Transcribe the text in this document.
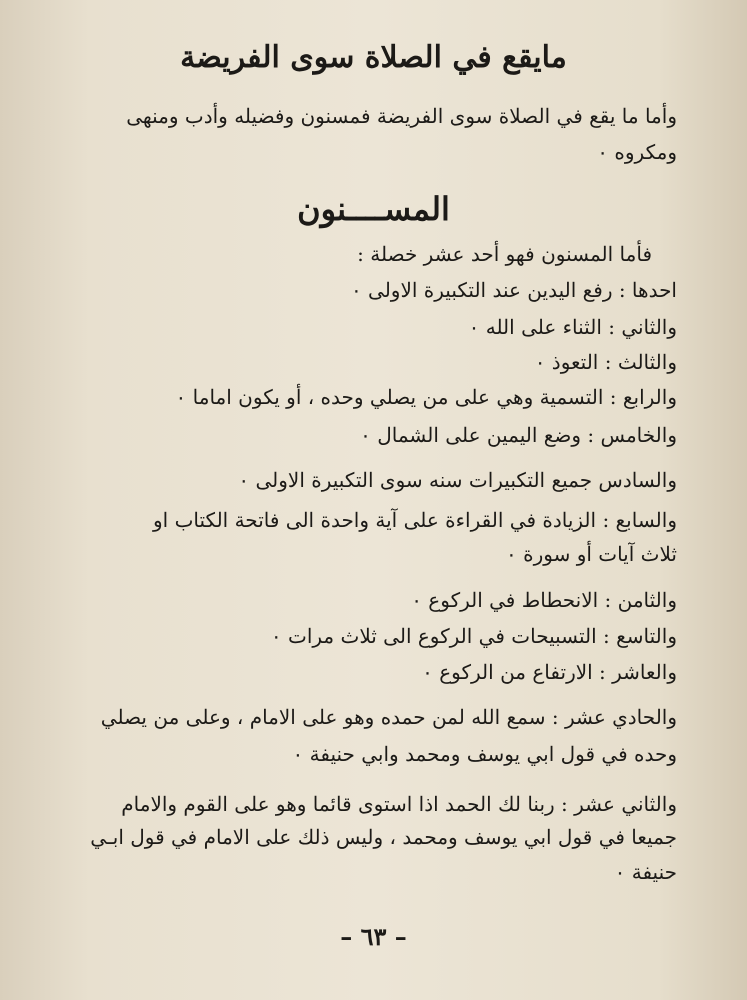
مايقع في الصلاة سوى الفريضة
وأما ما يقع في الصلاة سوى الفريضة فمسنون وفضيله وأدب ومنهى
ومكروه ٠
المســــنون
فأما المسنون فهو أحد عشر خصلة :
احدها : رفع اليدين عند التكبيرة الاولى ٠
والثاني : الثناء على الله ٠
والثالث : التعوذ ٠
والرابع : التسمية وهي على من يصلي وحده ، أو يكون اماما ٠
والخامس : وضع اليمين على الشمال ٠
والسادس جميع التكبيرات سنه سوى التكبيرة الاولى ٠
والسابع : الزيادة في القراءة على آية واحدة الى فاتحة الكتاب او
ثلاث آيات أو سورة ٠
والثامن : الانحطاط في الركوع ٠
والتاسع : التسبيحات في الركوع الى ثلاث مرات ٠
والعاشر : الارتفاع من الركوع ٠
والحادي عشر : سمع الله لمن حمده وهو على الامام ، وعلى من يصلي
وحده في قول ابي يوسف ومحمد وابي حنيفة ٠
والثاني عشر : ربنا لك الحمد اذا استوى قائما وهو على القوم والامام
جميعا في قول ابي يوسف ومحمد ، وليس ذلك على الامام في قول ابـي
حنيفة ٠
– ٦٣ –
